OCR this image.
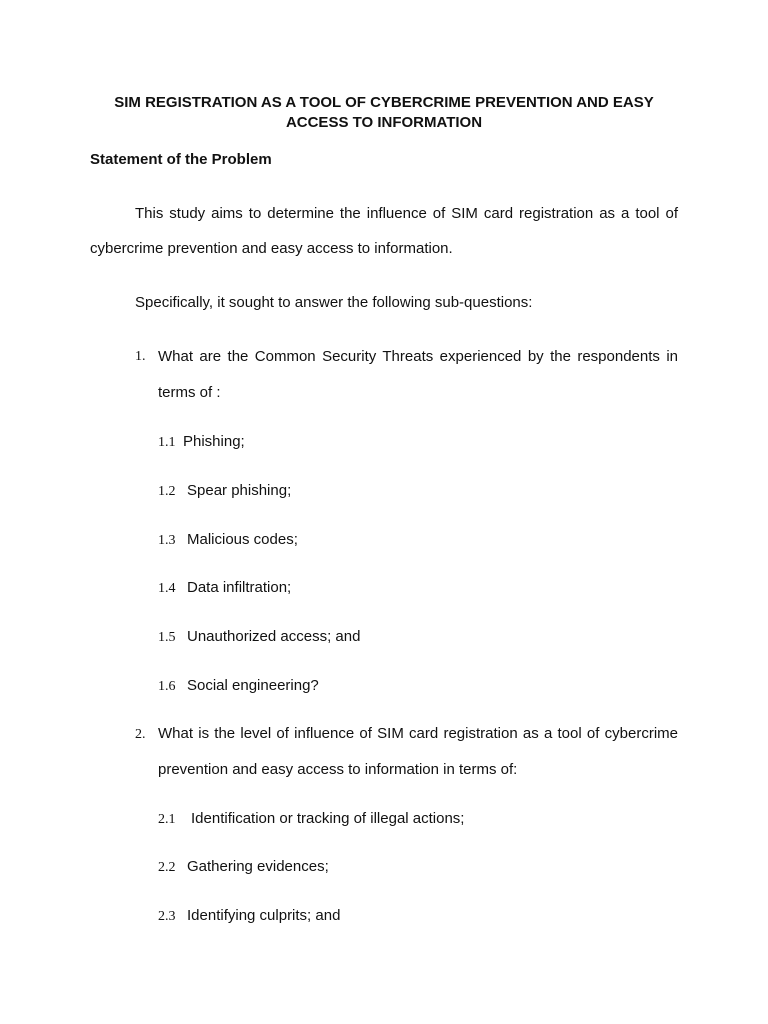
SIM REGISTRATION AS A TOOL OF CYBERCRIME PREVENTION AND EASY
ACCESS TO INFORMATION
Statement of the Problem
This study aims to determine the influence of SIM card registration as a tool of cybercrime prevention and easy access to information.
Specifically, it sought to answer the following sub-questions:
1. What are the Common Security Threats experienced by the respondents in terms of :
1.1 Phishing;
1.2 Spear phishing;
1.3 Malicious codes;
1.4 Data infiltration;
1.5 Unauthorized access; and
1.6 Social engineering?
2. What is the level of influence of SIM card registration as a tool of cybercrime prevention and easy access to information in terms of:
2.1 Identification or tracking of illegal actions;
2.2 Gathering evidences;
2.3 Identifying culprits; and
